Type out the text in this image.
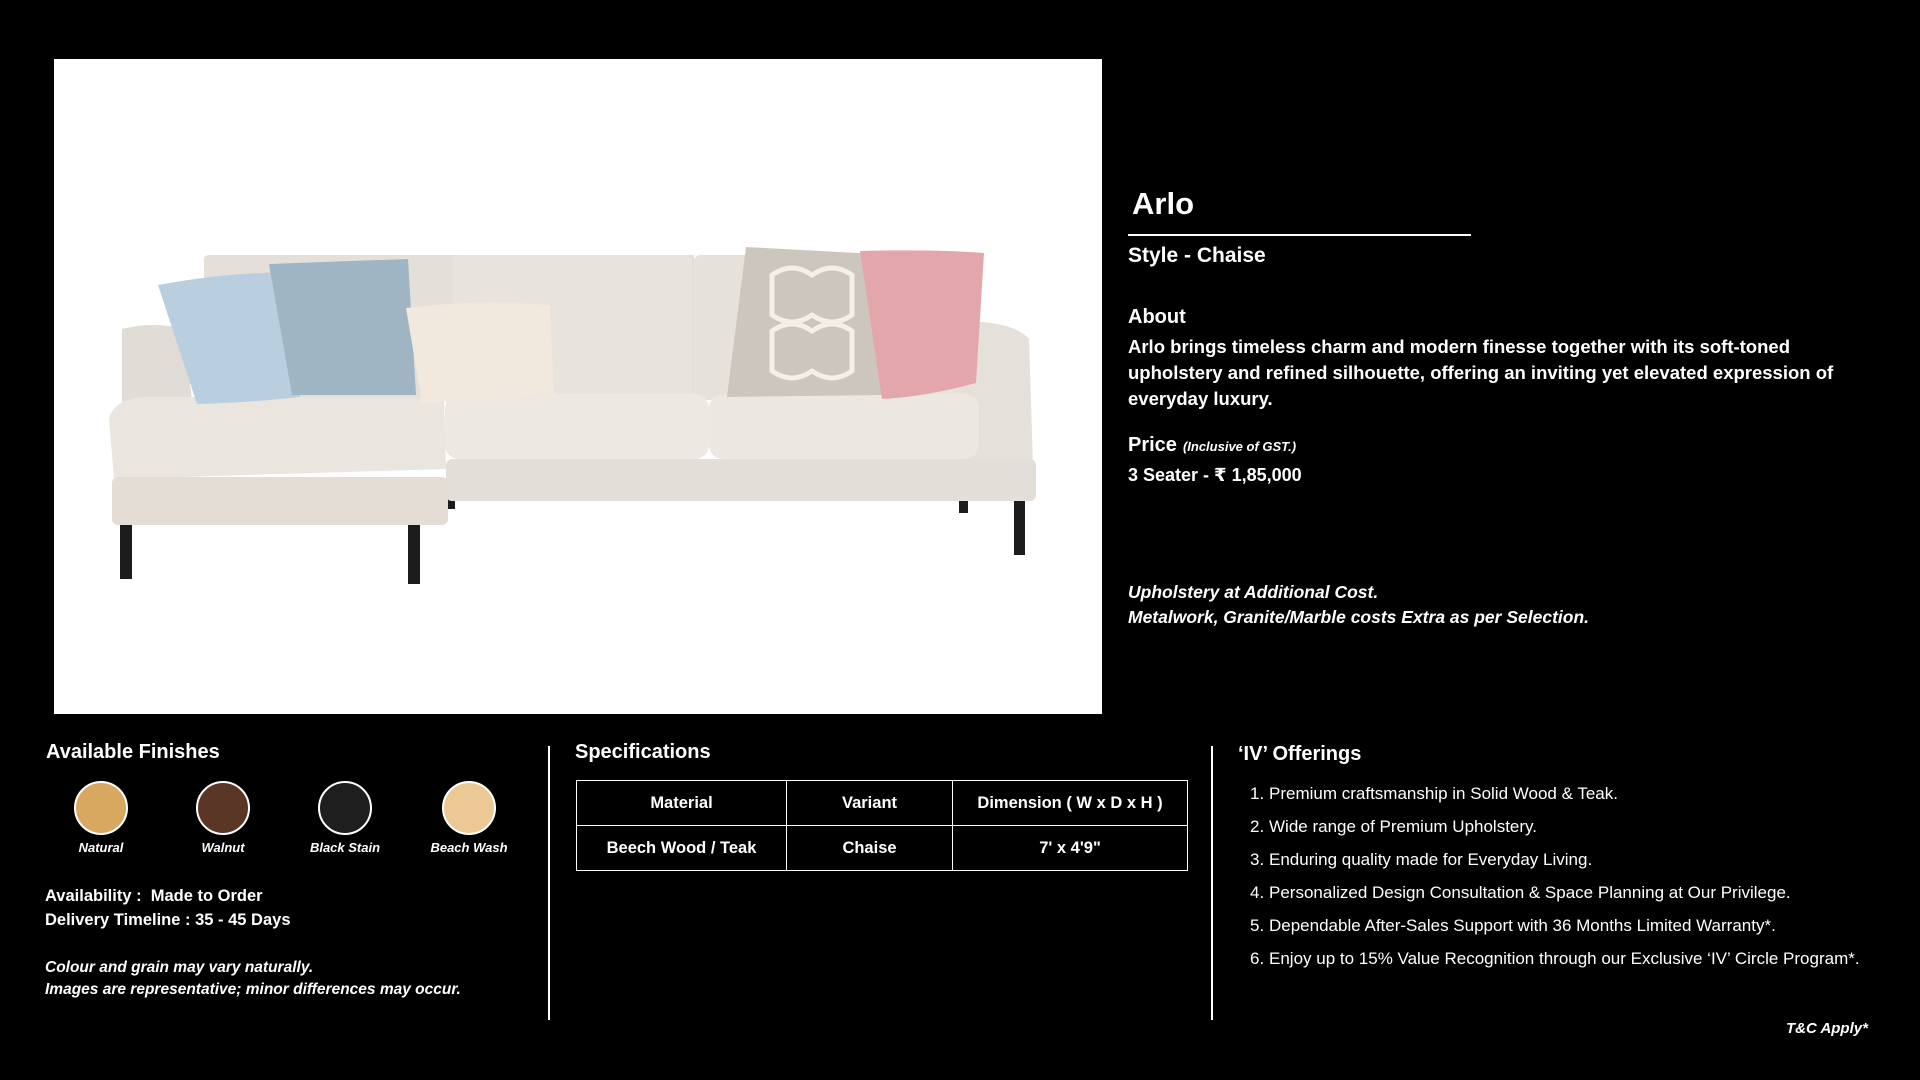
Arlo
Style - Chaise
About
Arlo brings timeless charm and modern finesse together with its soft-toned upholstery and refined silhouette, offering an inviting yet elevated expression of everyday luxury.
Price (Inclusive of GST.)
3 Seater - ₹ 1,85,000
Upholstery at Additional Cost.
Metalwork, Granite/Marble costs Extra as per Selection.
Available Finishes
Natural	Walnut	Black Stain	Beach Wash
Availability :  Made to Order
Delivery Timeline : 35 - 45 Days
Colour and grain may vary naturally.
Images are representative; minor differences may occur.
Specifications
Material	Variant	Dimension ( W x D x H )
Beech Wood / Teak	Chaise	7' x 4'9"
‘IV’ Offerings
1. Premium craftsmanship in Solid Wood & Teak.
2. Wide range of Premium Upholstery.
3. Enduring quality made for Everyday Living.
4. Personalized Design Consultation & Space Planning at Our Privilege.
5. Dependable After-Sales Support with 36 Months Limited Warranty*.
6. Enjoy up to 15% Value Recognition through our Exclusive ‘IV’ Circle Program*.
T&C Apply*
